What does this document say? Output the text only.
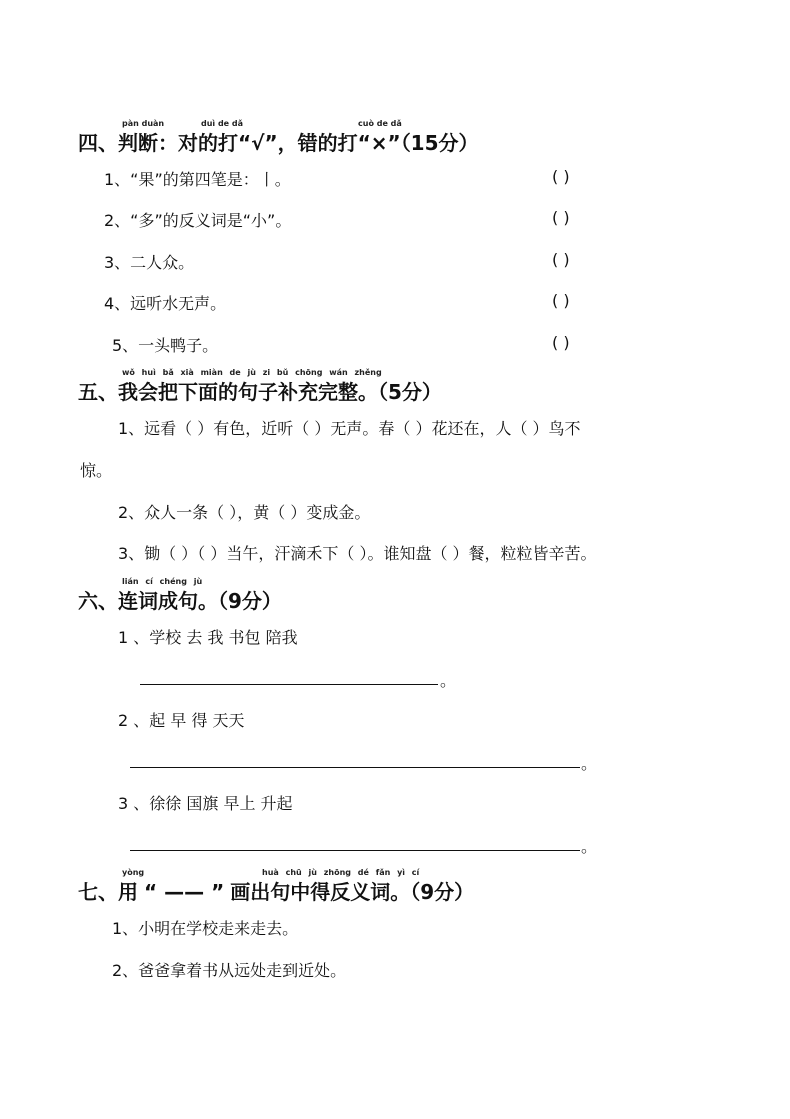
pàn duàn	duì de dǎ	cuò de dǎ
四、判断：对的打“√”，错的打“×”（15分）
1、“果”的第四笔是：丨。	( )
2、“多”的反义词是“小”。	( )
3、二人众。	( )
4、远听水无声。	( )
5、一头鸭子。	( )
wǒ huì bǎ xià miàn de jù zi bǔ chōng wán zhěng
五、我会把下面的句子补充完整。（5分）
1、远看（ ）有色，近听（ ）无声。春（ ）花还在，人（ ）鸟不
惊。
2、众人一条（ ），黄（ ）变成金。
3、锄（ ）（ ）当午，汗滴禾下（ ）。谁知盘（ ）餐，粒粒皆辛苦。
lián cí chéng jù
六、连词成句。（9分）
1 、学校 去 我 书包 陪我
。
2 、起 早 得 天天
。
3 、徐徐 国旗 早上 升起
。
yòng	huà chū jù zhōng dé fǎn yì cí
七、用 “ —— ” 画出句中得反义词。（9分）
1、小明在学校走来走去。
2、爸爸拿着书从远处走到近处。
